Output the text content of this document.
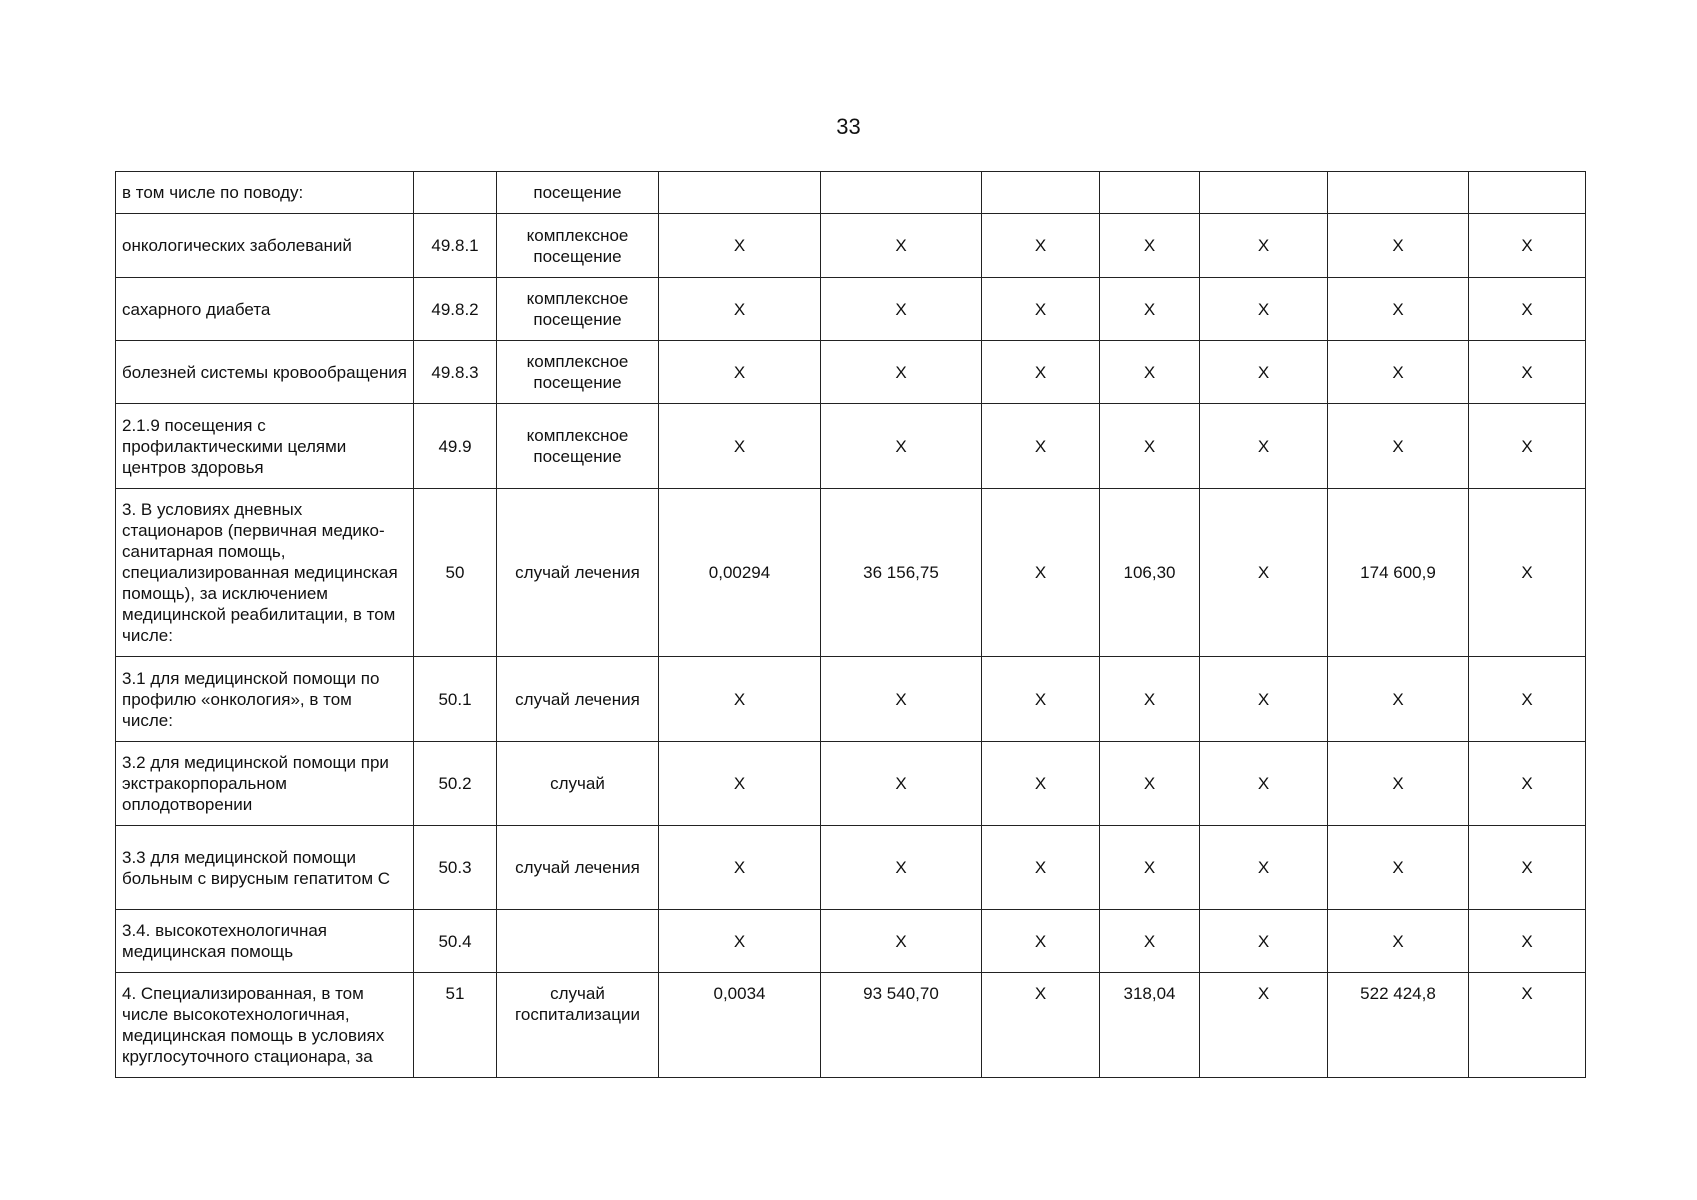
33
в том числе по поводу:		посещение							
онкологических заболеваний	49.8.1	комплексное посещение	X	X	X	X	X	X	X
сахарного диабета	49.8.2	комплексное посещение	X	X	X	X	X	X	X
болезней системы кровообращения	49.8.3	комплексное посещение	X	X	X	X	X	X	X
2.1.9 посещения с профилактическими целями центров здоровья	49.9	комплексное посещение	X	X	X	X	X	X	X
3. В условиях дневных стационаров (первичная медико-санитарная помощь, специализированная медицинская помощь), за исключением медицинской реабилитации, в том числе:	50	случай лечения	0,00294	36 156,75	X	106,30	X	174 600,9	X
3.1 для медицинской помощи по профилю «онкология», в том числе:	50.1	случай лечения	X	X	X	X	X	X	X
3.2 для медицинской помощи при экстракорпоральном оплодотворении	50.2	случай	X	X	X	X	X	X	X
3.3 для медицинской помощи больным с вирусным гепатитом С	50.3	случай лечения	X	X	X	X	X	X	X
3.4. высокотехнологичная медицинская помощь	50.4		X	X	X	X	X	X	X
4. Специализированная, в том числе высокотехнологичная, медицинская помощь в условиях круглосуточного стационара, за	51	случай госпитализации	0,0034	93 540,70	X	318,04	X	522 424,8	X
